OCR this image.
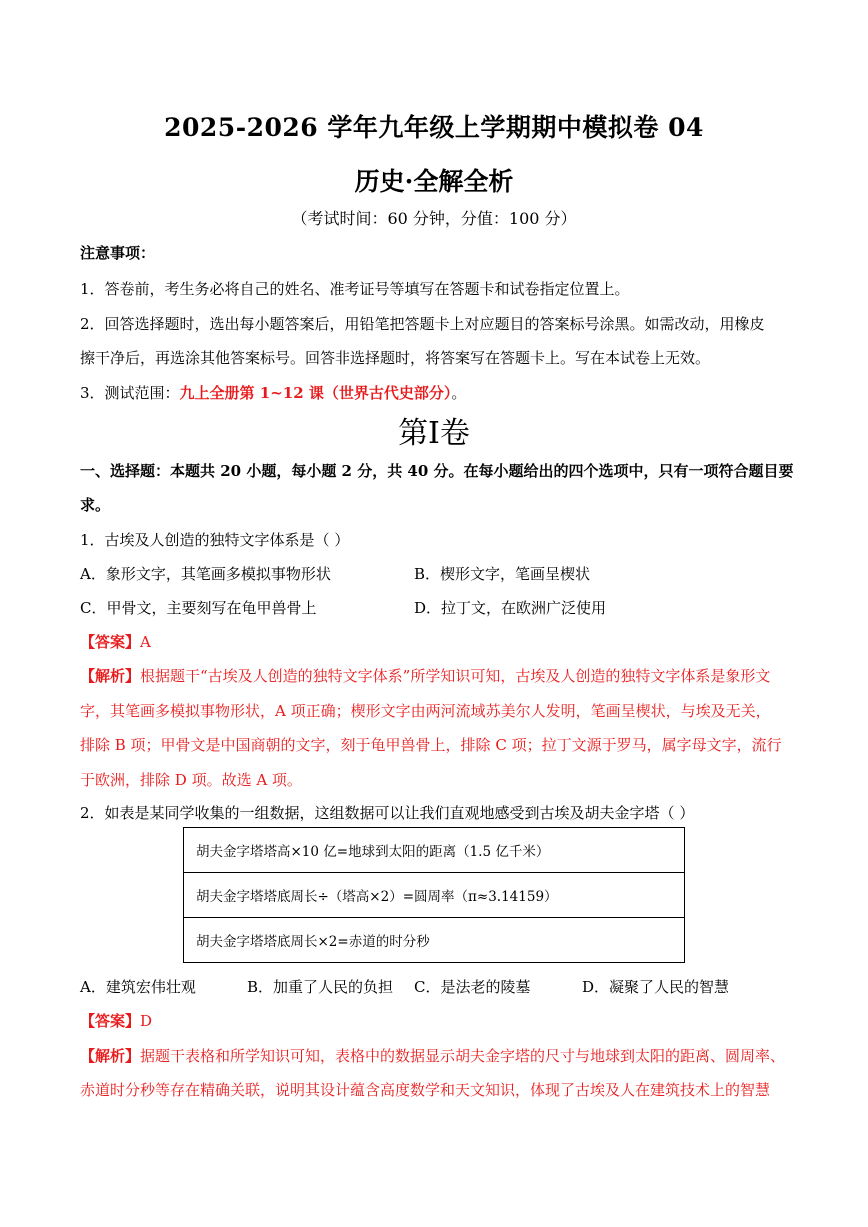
2025-2026 学年九年级上学期期中模拟卷 04
历史·全解全析
（考试时间：60 分钟，分值：100 分）
注意事项：
1．答卷前，考生务必将自己的姓名、准考证号等填写在答题卡和试卷指定位置上。
2．回答选择题时，选出每小题答案后，用铅笔把答题卡上对应题目的答案标号涂黑。如需改动，用橡皮
擦干净后，再选涂其他答案标号。回答非选择题时，将答案写在答题卡上。写在本试卷上无效。
3．测试范围：九上全册第 1~12 课（世界古代史部分）。
第I卷
一、选择题：本题共 20 小题，每小题 2 分，共 40 分。在每小题给出的四个选项中，只有一项符合题目要
求。
1．古埃及人创造的独特文字体系是（ ）
A．象形文字，其笔画多模拟事物形状	B．楔形文字，笔画呈楔状
C．甲骨文，主要刻写在龟甲兽骨上	D．拉丁文，在欧洲广泛使用
【答案】A
【解析】根据题干“古埃及人创造的独特文字体系”所学知识可知，古埃及人创造的独特文字体系是象形文
字，其笔画多模拟事物形状，A 项正确；楔形文字由两河流域苏美尔人发明，笔画呈楔状，与埃及无关，
排除 B 项；甲骨文是中国商朝的文字，刻于龟甲兽骨上，排除 C 项；拉丁文源于罗马，属字母文字，流行
于欧洲，排除 D 项。故选 A 项。
2．如表是某同学收集的一组数据，这组数据可以让我们直观地感受到古埃及胡夫金字塔（ ）
胡夫金字塔塔高×10 亿=地球到太阳的距离（1.5 亿千米）
胡夫金字塔塔底周长÷（塔高×2）=圆周率（π≈3.14159）
胡夫金字塔塔底周长×2=赤道的时分秒
A．建筑宏伟壮观	B．加重了人民的负担 C．是法老的陵墓	D．凝聚了人民的智慧
【答案】D
【解析】据题干表格和所学知识可知，表格中的数据显示胡夫金字塔的尺寸与地球到太阳的距离、圆周率、
赤道时分秒等存在精确关联，说明其设计蕴含高度数学和天文知识，体现了古埃及人在建筑技术上的智慧
